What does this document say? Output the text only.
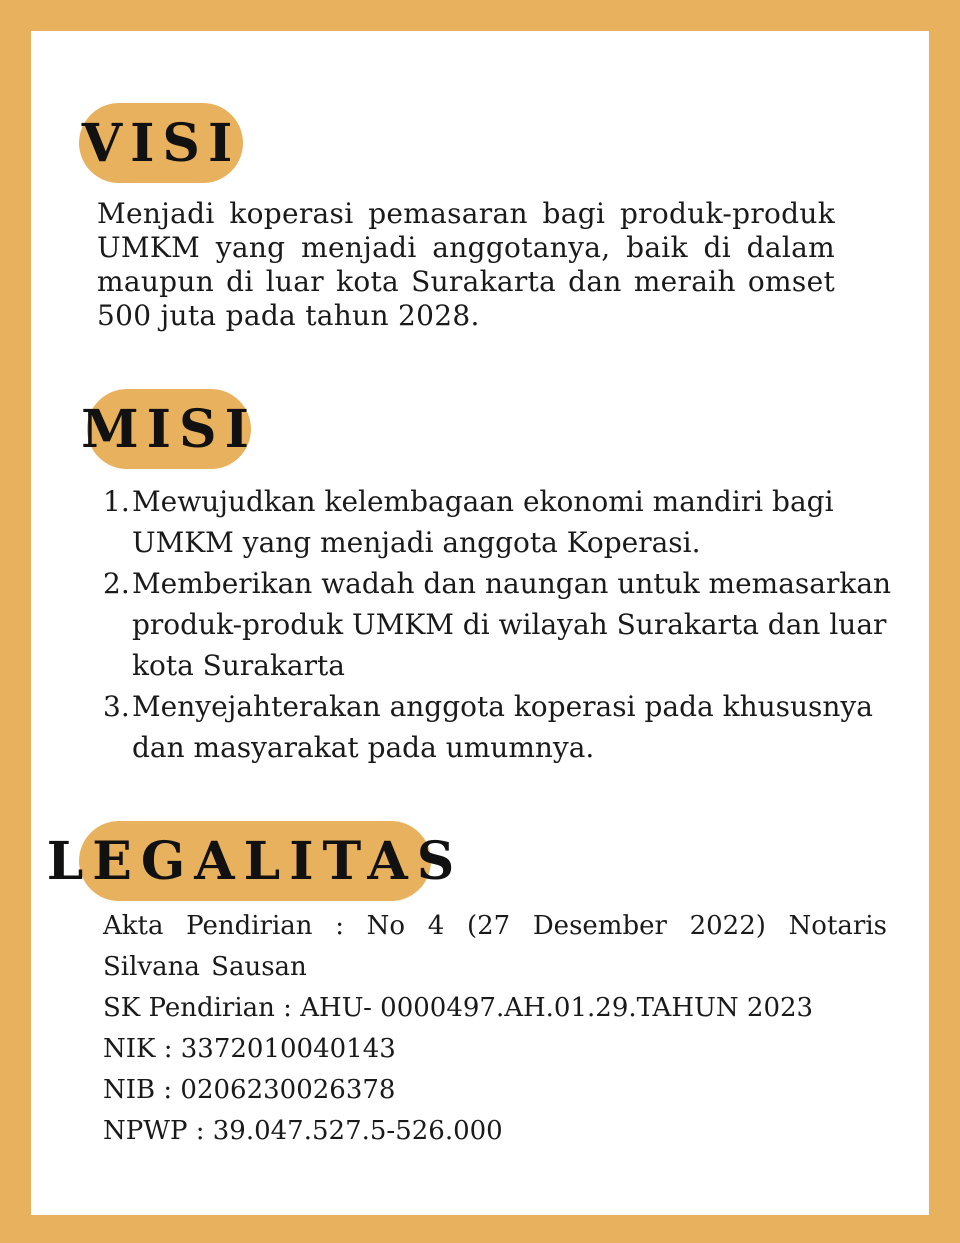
VISI
Menjadi koperasi pemasaran bagi produk-produk UMKM yang menjadi anggotanya, baik di dalam maupun di luar kota Surakarta dan meraih omset 500 juta pada tahun 2028.
MISI
1. Mewujudkan kelembagaan ekonomi mandiri bagi UMKM yang menjadi anggota Koperasi.
2. Memberikan wadah dan naungan untuk memasarkan produk-produk UMKM di wilayah Surakarta dan luar kota Surakarta
3. Menyejahterakan anggota koperasi pada khususnya dan masyarakat pada umumnya.
LEGALITAS
Akta Pendirian : No 4 (27 Desember 2022) Notaris Silvana Sausan
SK Pendirian : AHU- 0000497.AH.01.29.TAHUN 2023
NIK : 3372010040143
NIB : 0206230026378
NPWP : 39.047.527.5-526.000
